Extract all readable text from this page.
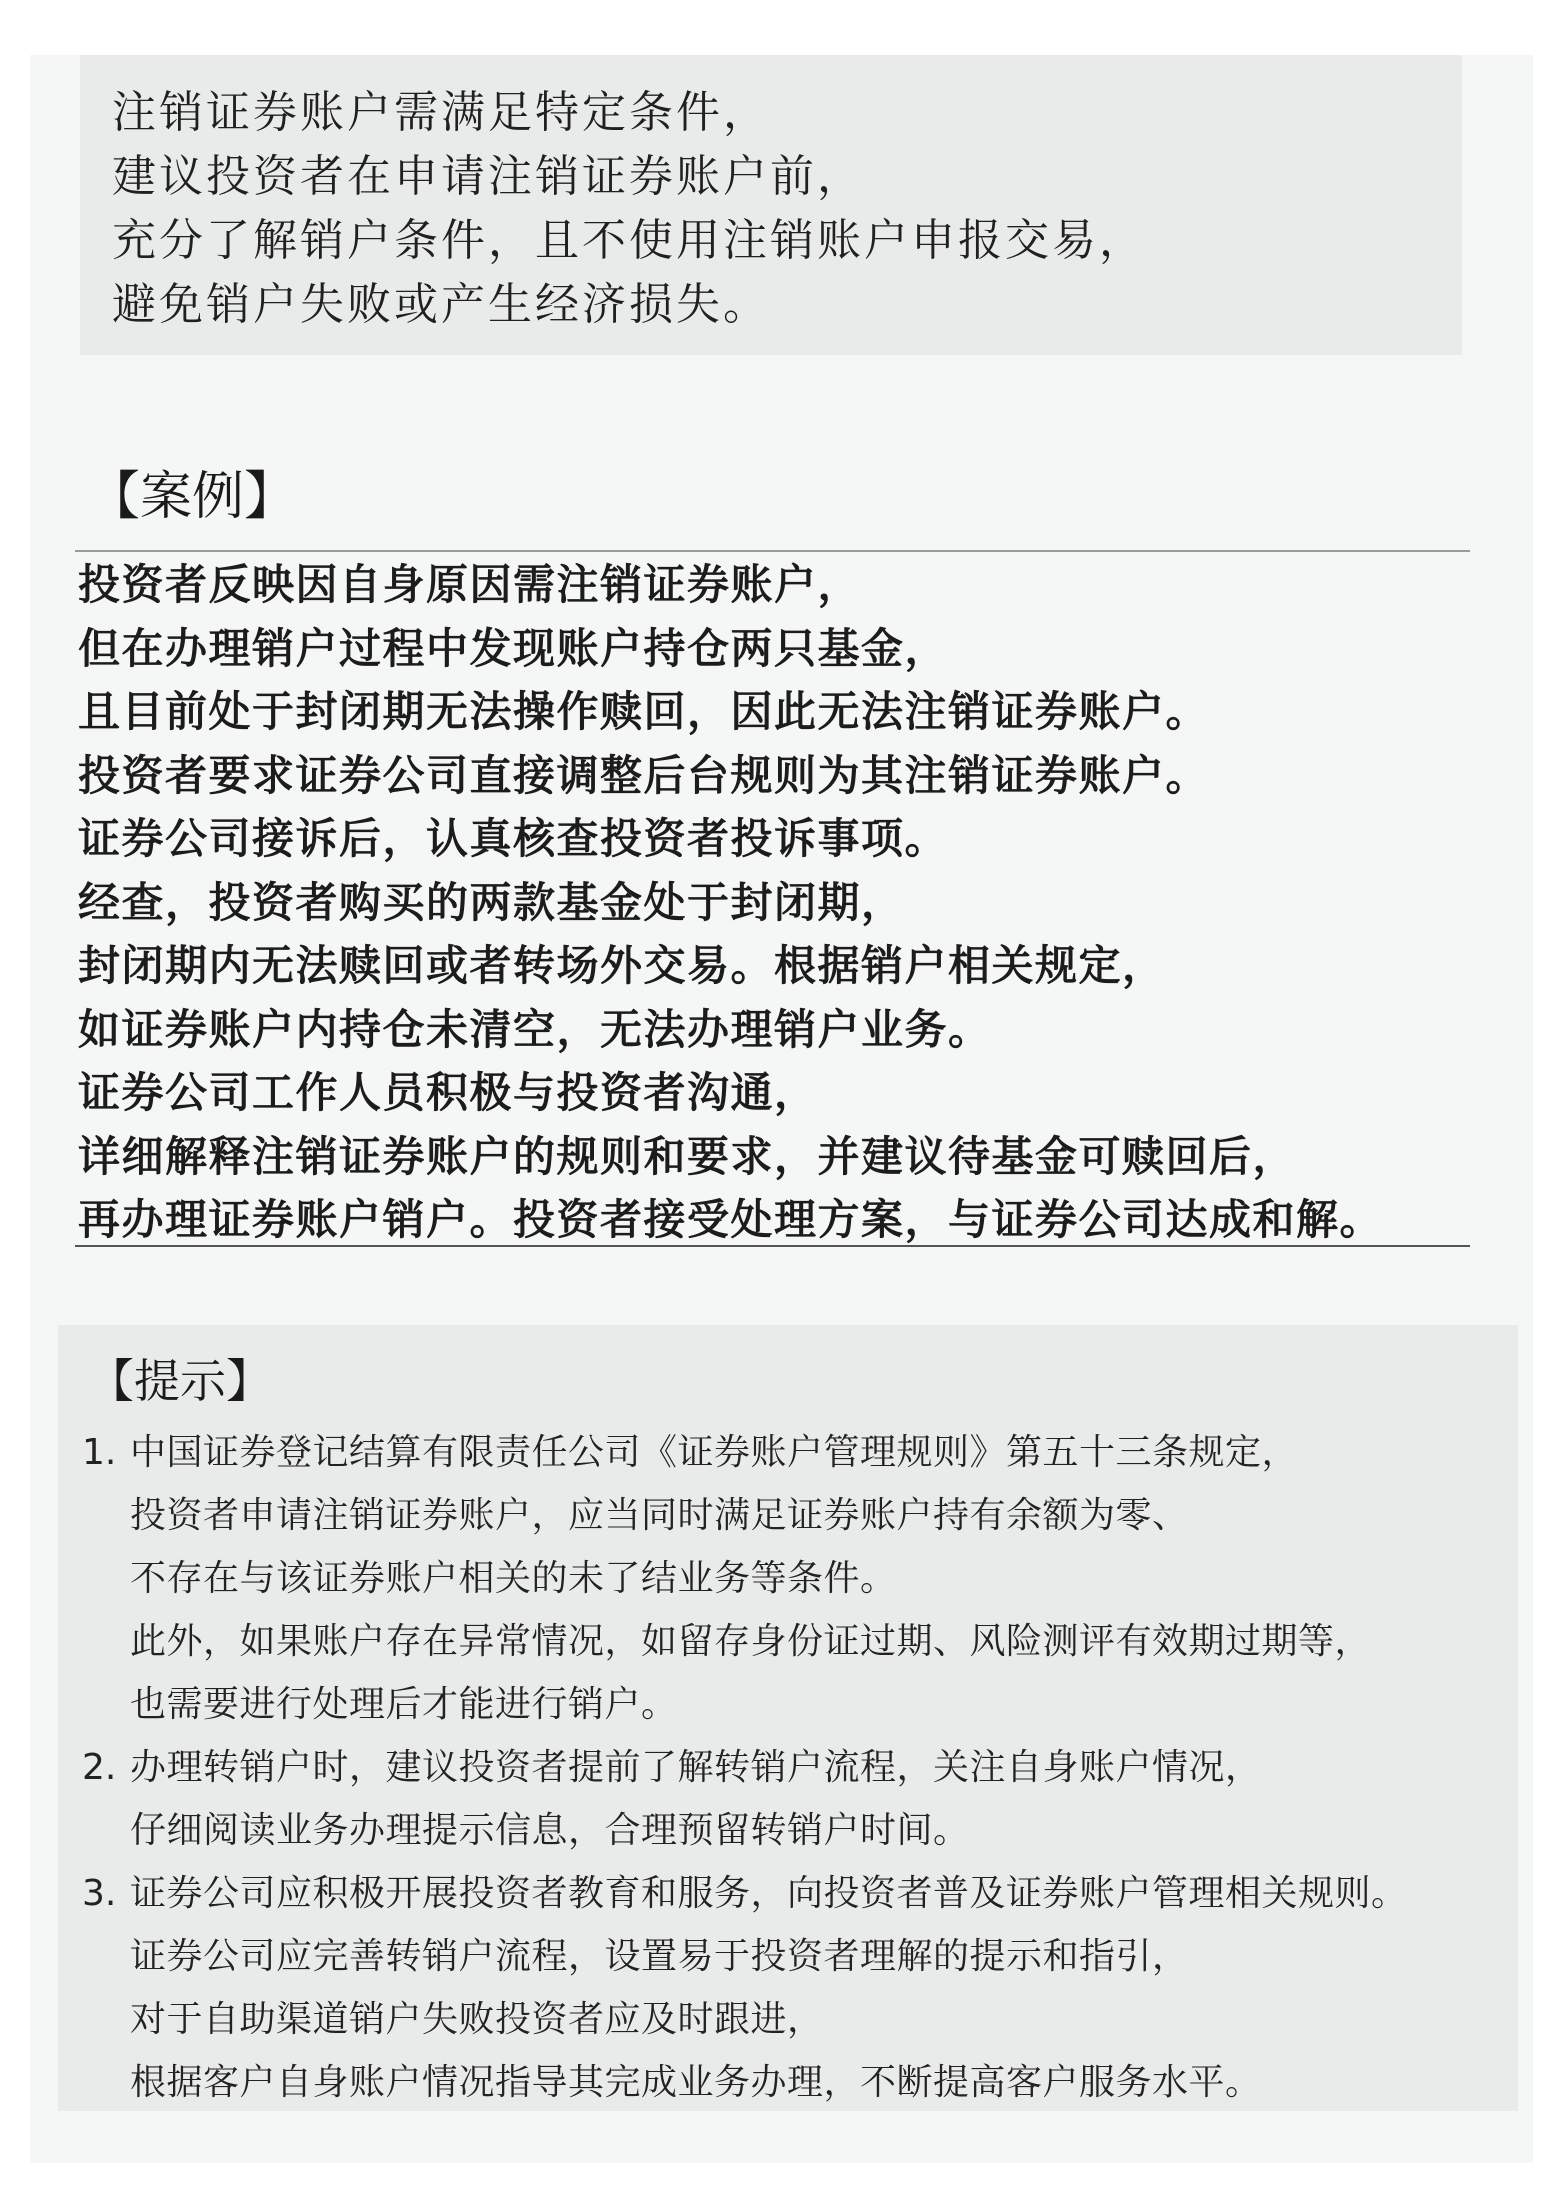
注销证券账户需满足特定条件，
建议投资者在申请注销证券账户前，
充分了解销户条件，且不使用注销账户申报交易，
避免销户失败或产生经济损失。
【案例】
投资者反映因自身原因需注销证券账户，
但在办理销户过程中发现账户持仓两只基金，
且目前处于封闭期无法操作赎回，因此无法注销证券账户。
投资者要求证券公司直接调整后台规则为其注销证券账户。
证券公司接诉后，认真核查投资者投诉事项。
经查，投资者购买的两款基金处于封闭期，
封闭期内无法赎回或者转场外交易。根据销户相关规定，
如证券账户内持仓未清空，无法办理销户业务。
证券公司工作人员积极与投资者沟通，
详细解释注销证券账户的规则和要求，并建议待基金可赎回后，
再办理证券账户销户。投资者接受处理方案，与证券公司达成和解。
【提示】
1. 中国证券登记结算有限责任公司《证券账户管理规则》第五十三条规定，
投资者申请注销证券账户，应当同时满足证券账户持有余额为零、
不存在与该证券账户相关的未了结业务等条件。
此外，如果账户存在异常情况，如留存身份证过期、风险测评有效期过期等，
也需要进行处理后才能进行销户。
2. 办理转销户时，建议投资者提前了解转销户流程，关注自身账户情况，
仔细阅读业务办理提示信息，合理预留转销户时间。
3. 证券公司应积极开展投资者教育和服务，向投资者普及证券账户管理相关规则。
证券公司应完善转销户流程，设置易于投资者理解的提示和指引，
对于自助渠道销户失败投资者应及时跟进，
根据客户自身账户情况指导其完成业务办理，不断提高客户服务水平。
